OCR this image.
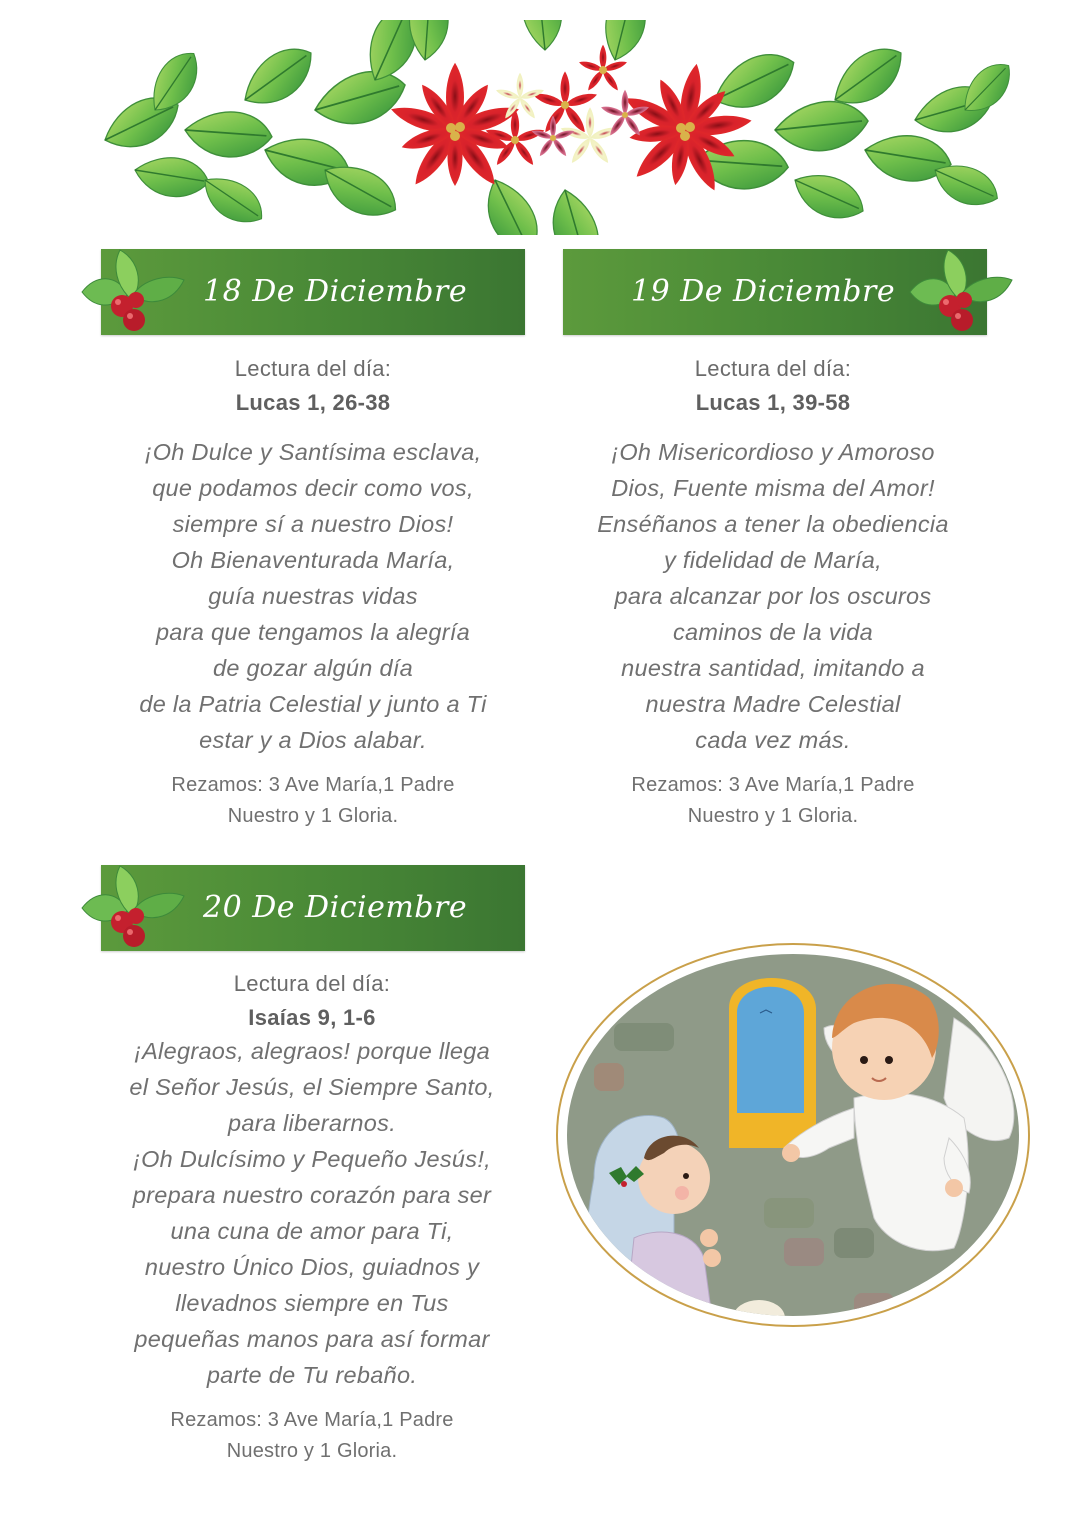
18 De Diciembre	19 De Diciembre
Lectura del día:
Lucas 1, 26-38
¡Oh Dulce y Santísima esclava,
que podamos decir como vos,
siempre sí a nuestro Dios!
Oh Bienaventurada María,
guía nuestras vidas
para que tengamos la alegría
de gozar algún día
de la Patria Celestial y junto a Ti
estar y a Dios alabar.
Rezamos: 3 Ave María,1 Padre
Nuestro y 1 Gloria.
Lectura del día:
Lucas 1, 39-58
¡Oh Misericordioso y Amoroso
Dios, Fuente misma del Amor!
Enséñanos a tener la obediencia
y fidelidad de María,
para alcanzar por los oscuros
caminos de la vida
nuestra santidad, imitando a
nuestra Madre Celestial
cada vez más.
Rezamos: 3 Ave María,1 Padre
Nuestro y 1 Gloria.
20 De Diciembre
Lectura del día:
Isaías 9, 1-6
¡Alegraos, alegraos! porque llega
el Señor Jesús, el Siempre Santo,
para liberarnos.
¡Oh Dulcísimo y Pequeño Jesús!,
prepara nuestro corazón para ser
una cuna de amor para Ti,
nuestro Único Dios, guiadnos y
llevadnos siempre en Tus
pequeñas manos para así formar
parte de Tu rebaño.
Rezamos: 3 Ave María,1 Padre
Nuestro y 1 Gloria.
